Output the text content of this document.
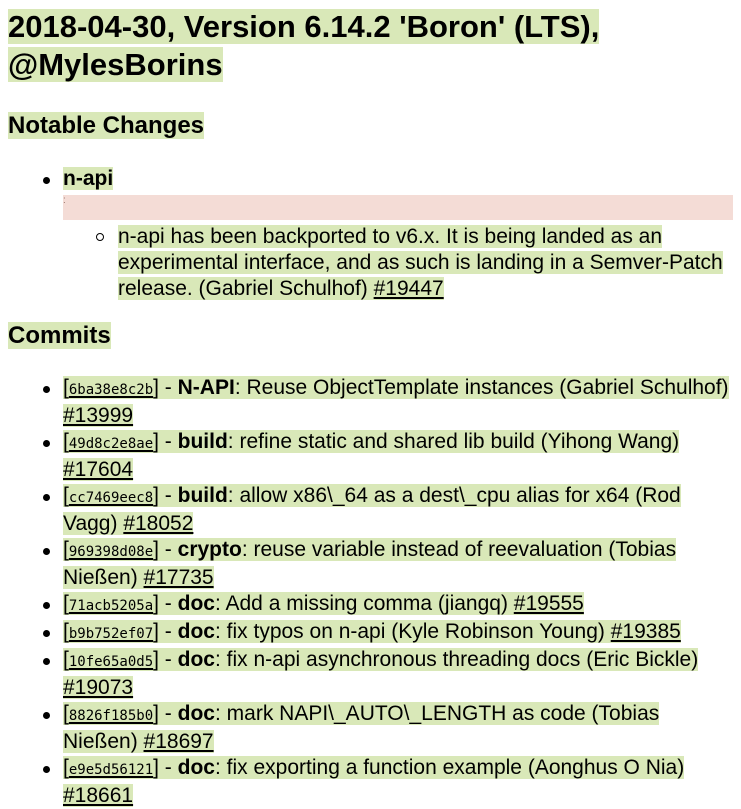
2018-04-30, Version 6.14.2 'Boron' (LTS), @MylesBorins
Notable Changes
n-api
:
n-api has been backported to v6.x. It is being landed as an experimental interface, and as such is landing in a Semver-Patch release. (Gabriel Schulhof) #19447
Commits
[6ba38e8c2b] - N-API: Reuse ObjectTemplate instances (Gabriel Schulhof) #13999
[49d8c2e8ae] - build: refine static and shared lib build (Yihong Wang) #17604
[cc7469eec8] - build: allow x86\_64 as a dest\_cpu alias for x64 (Rod Vagg) #18052
[969398d08e] - crypto: reuse variable instead of reevaluation (Tobias Nießen) #17735
[71acb5205a] - doc: Add a missing comma (jiangq) #19555
[b9b752ef07] - doc: fix typos on n-api (Kyle Robinson Young) #19385
[10fe65a0d5] - doc: fix n-api asynchronous threading docs (Eric Bickle) #19073
[8826f185b0] - doc: mark NAPI\_AUTO\_LENGTH as code (Tobias Nießen) #18697
[e9e5d56121] - doc: fix exporting a function example (Aonghus O Nia) #18661
